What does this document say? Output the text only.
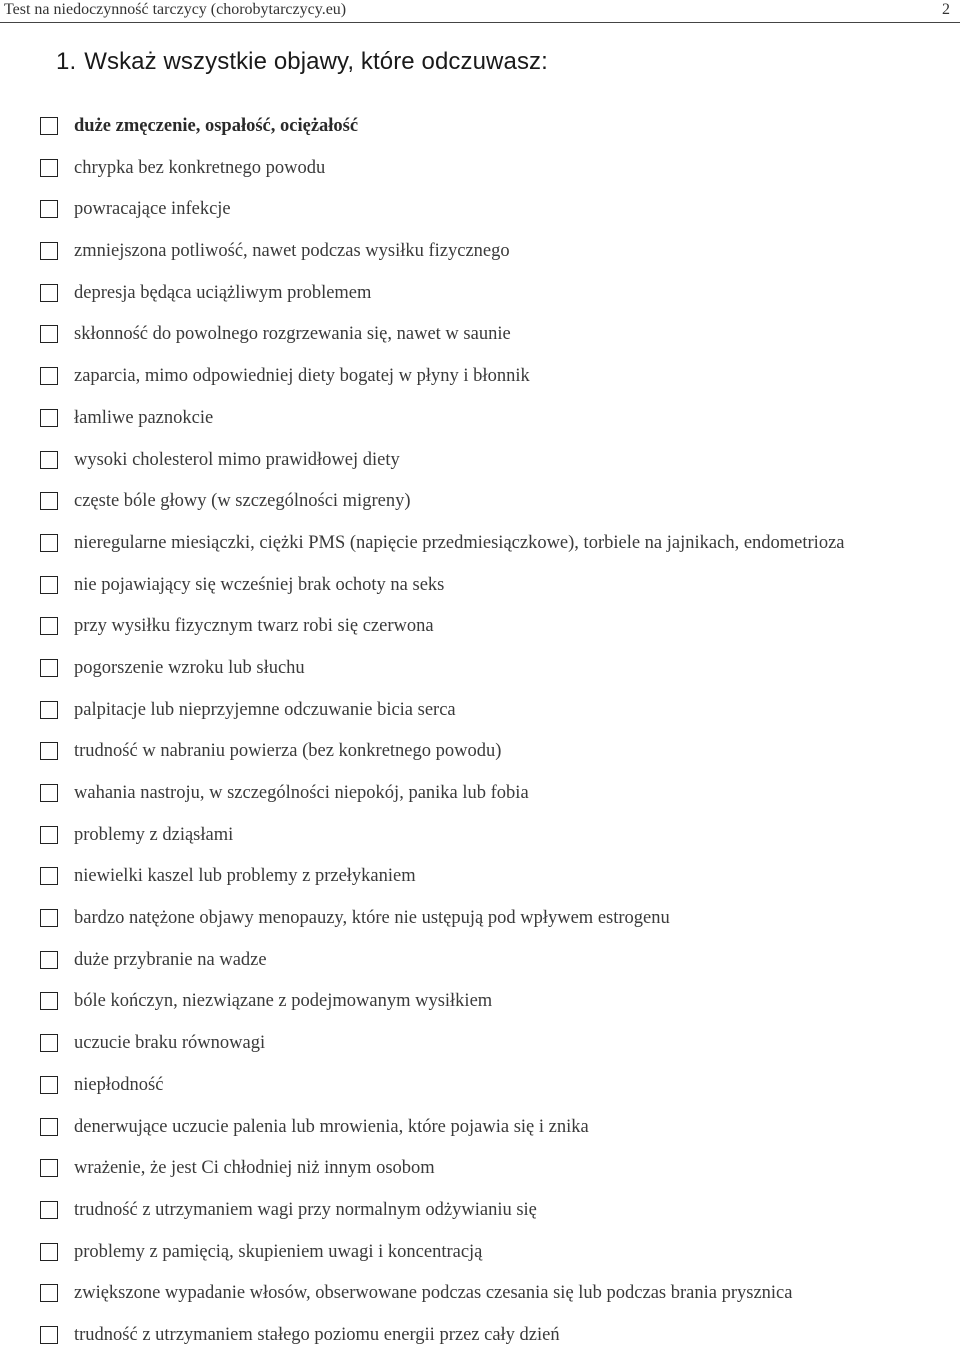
Test na niedoczynność tarczycy (chorobytarczycy.eu)	2
1. Wskaż wszystkie objawy, które odczuwasz:
duże zmęczenie, ospałość, ociężałość
chrypka bez konkretnego powodu
powracające infekcje
zmniejszona potliwość, nawet podczas wysiłku fizycznego
depresja będąca uciążliwym problemem
skłonność do powolnego rozgrzewania się, nawet w saunie
zaparcia, mimo odpowiedniej diety bogatej w płyny i błonnik
łamliwe paznokcie
wysoki cholesterol mimo prawidłowej diety
częste bóle głowy (w szczególności migreny)
nieregularne miesiączki, ciężki PMS (napięcie przedmiesiączkowe), torbiele na jajnikach, endometrioza
nie pojawiający się wcześniej brak ochoty na seks
przy wysiłku fizycznym twarz robi się czerwona
pogorszenie wzroku lub słuchu
palpitacje lub nieprzyjemne odczuwanie bicia serca
trudność w nabraniu powierza (bez konkretnego powodu)
wahania nastroju, w szczególności niepokój, panika lub fobia
problemy z dziąsłami
niewielki kaszel lub problemy z przełykaniem
bardzo natężone objawy menopauzy, które nie ustępują pod wpływem estrogenu
duże przybranie na wadze
bóle kończyn, niezwiązane z podejmowanym wysiłkiem
uczucie braku równowagi
niepłodność
denerwujące uczucie palenia lub mrowienia, które pojawia się i znika
wrażenie, że jest Ci chłodniej niż innym osobom
trudność z utrzymaniem wagi przy normalnym odżywianiu się
problemy z pamięcią, skupieniem uwagi i koncentracją
zwiększone wypadanie włosów, obserwowane podczas czesania się lub podczas brania prysznica
trudność z utrzymaniem stałego poziomu energii przez cały dzień
